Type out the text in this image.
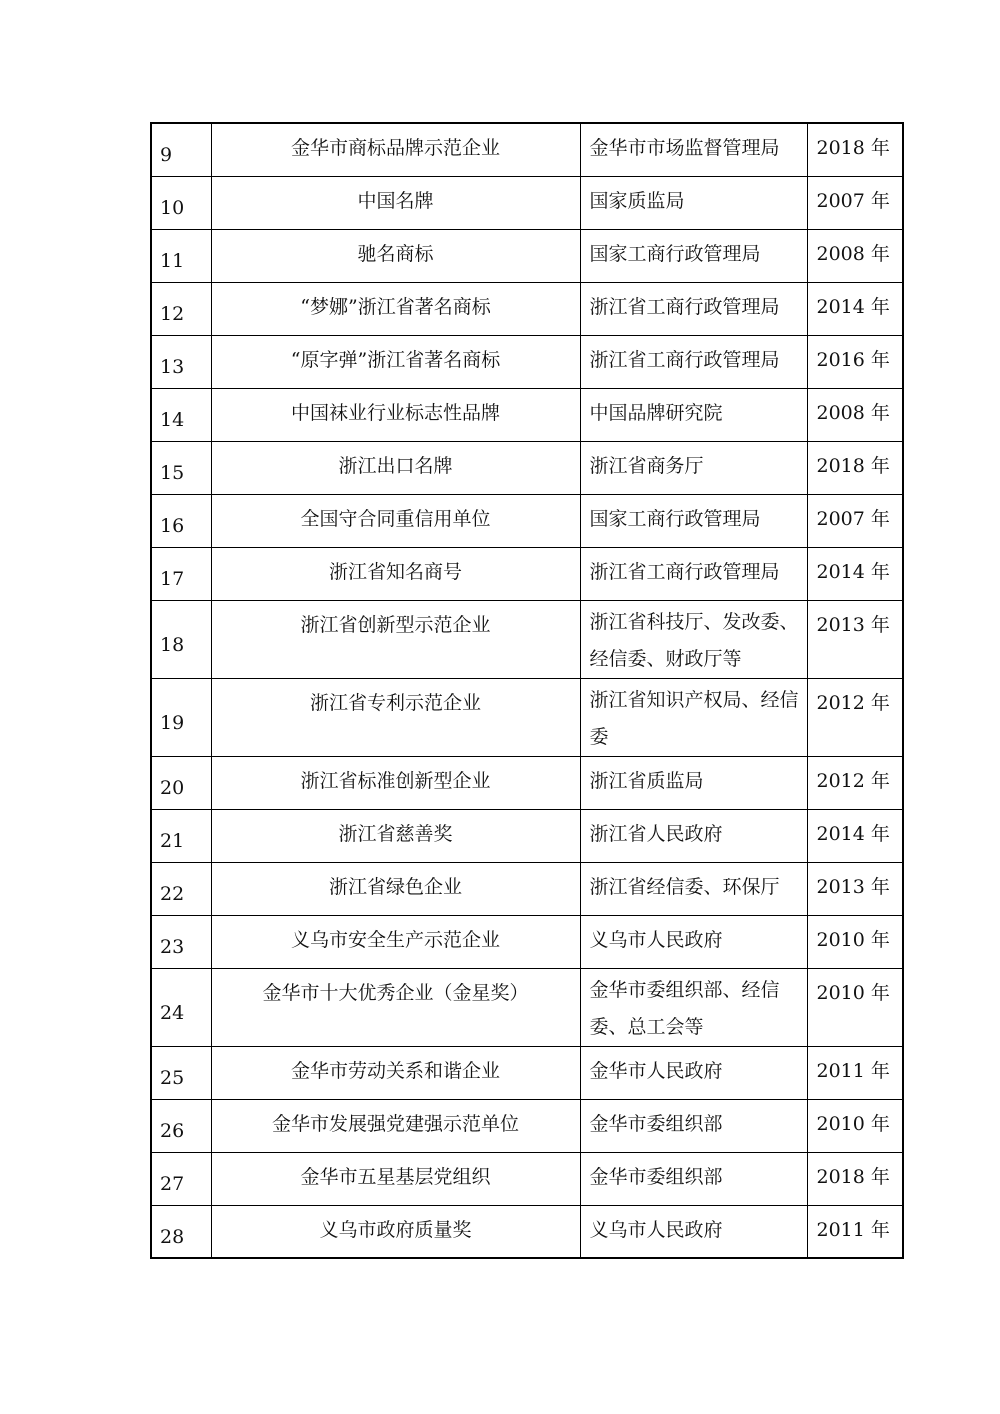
9	金华市商标品牌示范企业	金华市市场监督管理局	2018 年
10	中国名牌	国家质监局	2007 年
11	驰名商标	国家工商行政管理局	2008 年
12	“梦娜”浙江省著名商标	浙江省工商行政管理局	2014 年
13	“原字弹”浙江省著名商标	浙江省工商行政管理局	2016 年
14	中国袜业行业标志性品牌	中国品牌研究院	2008 年
15	浙江出口名牌	浙江省商务厅	2018 年
16	全国守合同重信用单位	国家工商行政管理局	2007 年
17	浙江省知名商号	浙江省工商行政管理局	2014 年
18	浙江省创新型示范企业	浙江省科技厅、发改委、经信委、财政厅等	2013 年
19	浙江省专利示范企业	浙江省知识产权局、经信委	2012 年
20	浙江省标准创新型企业	浙江省质监局	2012 年
21	浙江省慈善奖	浙江省人民政府	2014 年
22	浙江省绿色企业	浙江省经信委、环保厅	2013 年
23	义乌市安全生产示范企业	义乌市人民政府	2010 年
24	金华市十大优秀企业（金星奖）	金华市委组织部、经信委、总工会等	2010 年
25	金华市劳动关系和谐企业	金华市人民政府	2011 年
26	金华市发展强党建强示范单位	金华市委组织部	2010 年
27	金华市五星基层党组织	金华市委组织部	2018 年
28	义乌市政府质量奖	义乌市人民政府	2011 年
